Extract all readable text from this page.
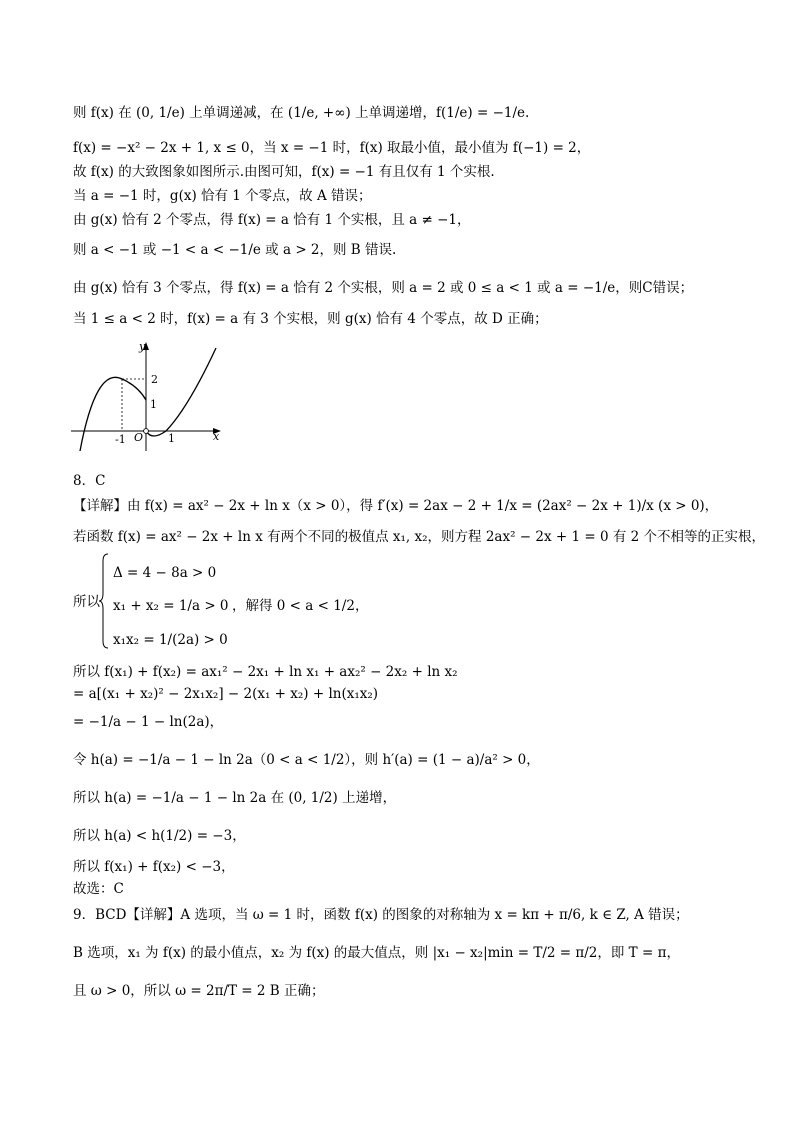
则 f(x) 在 (0, 1/e) 上单调递减，在 (1/e, +∞) 上单调递增，f(1/e) = −1/e.
f(x) = −x² − 2x + 1, x ≤ 0，当 x = −1 时，f(x) 取最小值，最小值为 f(−1) = 2，
故 f(x) 的大致图象如图所示.由图可知，f(x) = −1 有且仅有 1 个实根.
当 a = −1 时，g(x) 恰有 1 个零点，故 A 错误；
由 g(x) 恰有 2 个零点，得 f(x) = a 恰有 1 个实根，且 a ≠ −1，
则 a < −1 或 −1 < a < −1/e 或 a > 2，则 B 错误.
由 g(x) 恰有 3 个零点，得 f(x) = a 恰有 2 个实根，则 a = 2 或 0 ≤ a < 1 或 a = −1/e，则C错误；
当 1 ≤ a < 2 时，f(x) = a 有 3 个实根，则 g(x) 恰有 4 个零点，故 D 正确；
y
x
2
1
-1 O 1
8．C
【详解】由 f(x) = ax² − 2x + ln x（x > 0），得 f′(x) = 2ax − 2 + 1/x = (2ax² − 2x + 1)/x (x > 0)，
若函数 f(x) = ax² − 2x + ln x 有两个不同的极值点 x₁, x₂，则方程 2ax² − 2x + 1 = 0 有 2 个不相等的正实根，
所以
Δ = 4 − 8a > 0
x₁ + x₂ = 1/a > 0
x₁x₂ = 1/(2a) > 0
，解得 0 < a < 1/2，
所以 f(x₁) + f(x₂) = ax₁² − 2x₁ + ln x₁ + ax₂² − 2x₂ + ln x₂
= a[(x₁ + x₂)² − 2x₁x₂] − 2(x₁ + x₂) + ln(x₁x₂)
= −1/a − 1 − ln(2a)，
令 h(a) = −1/a − 1 − ln 2a（0 < a < 1/2），则 h′(a) = (1 − a)/a² > 0，
所以 h(a) = −1/a − 1 − ln 2a 在 (0, 1/2) 上递增，
所以 h(a) < h(1/2) = −3，
所以 f(x₁) + f(x₂) < −3，
故选：C
9．BCD【详解】A 选项，当 ω = 1 时，函数 f(x) 的图象的对称轴为 x = kπ + π/6, k ∈ Z, A 错误；
B 选项，x₁ 为 f(x) 的最小值点，x₂ 为 f(x) 的最大值点，则 |x₁ − x₂|min = T/2 = π/2，即 T = π，
且 ω > 0，所以 ω = 2π/T = 2 B 正确；
